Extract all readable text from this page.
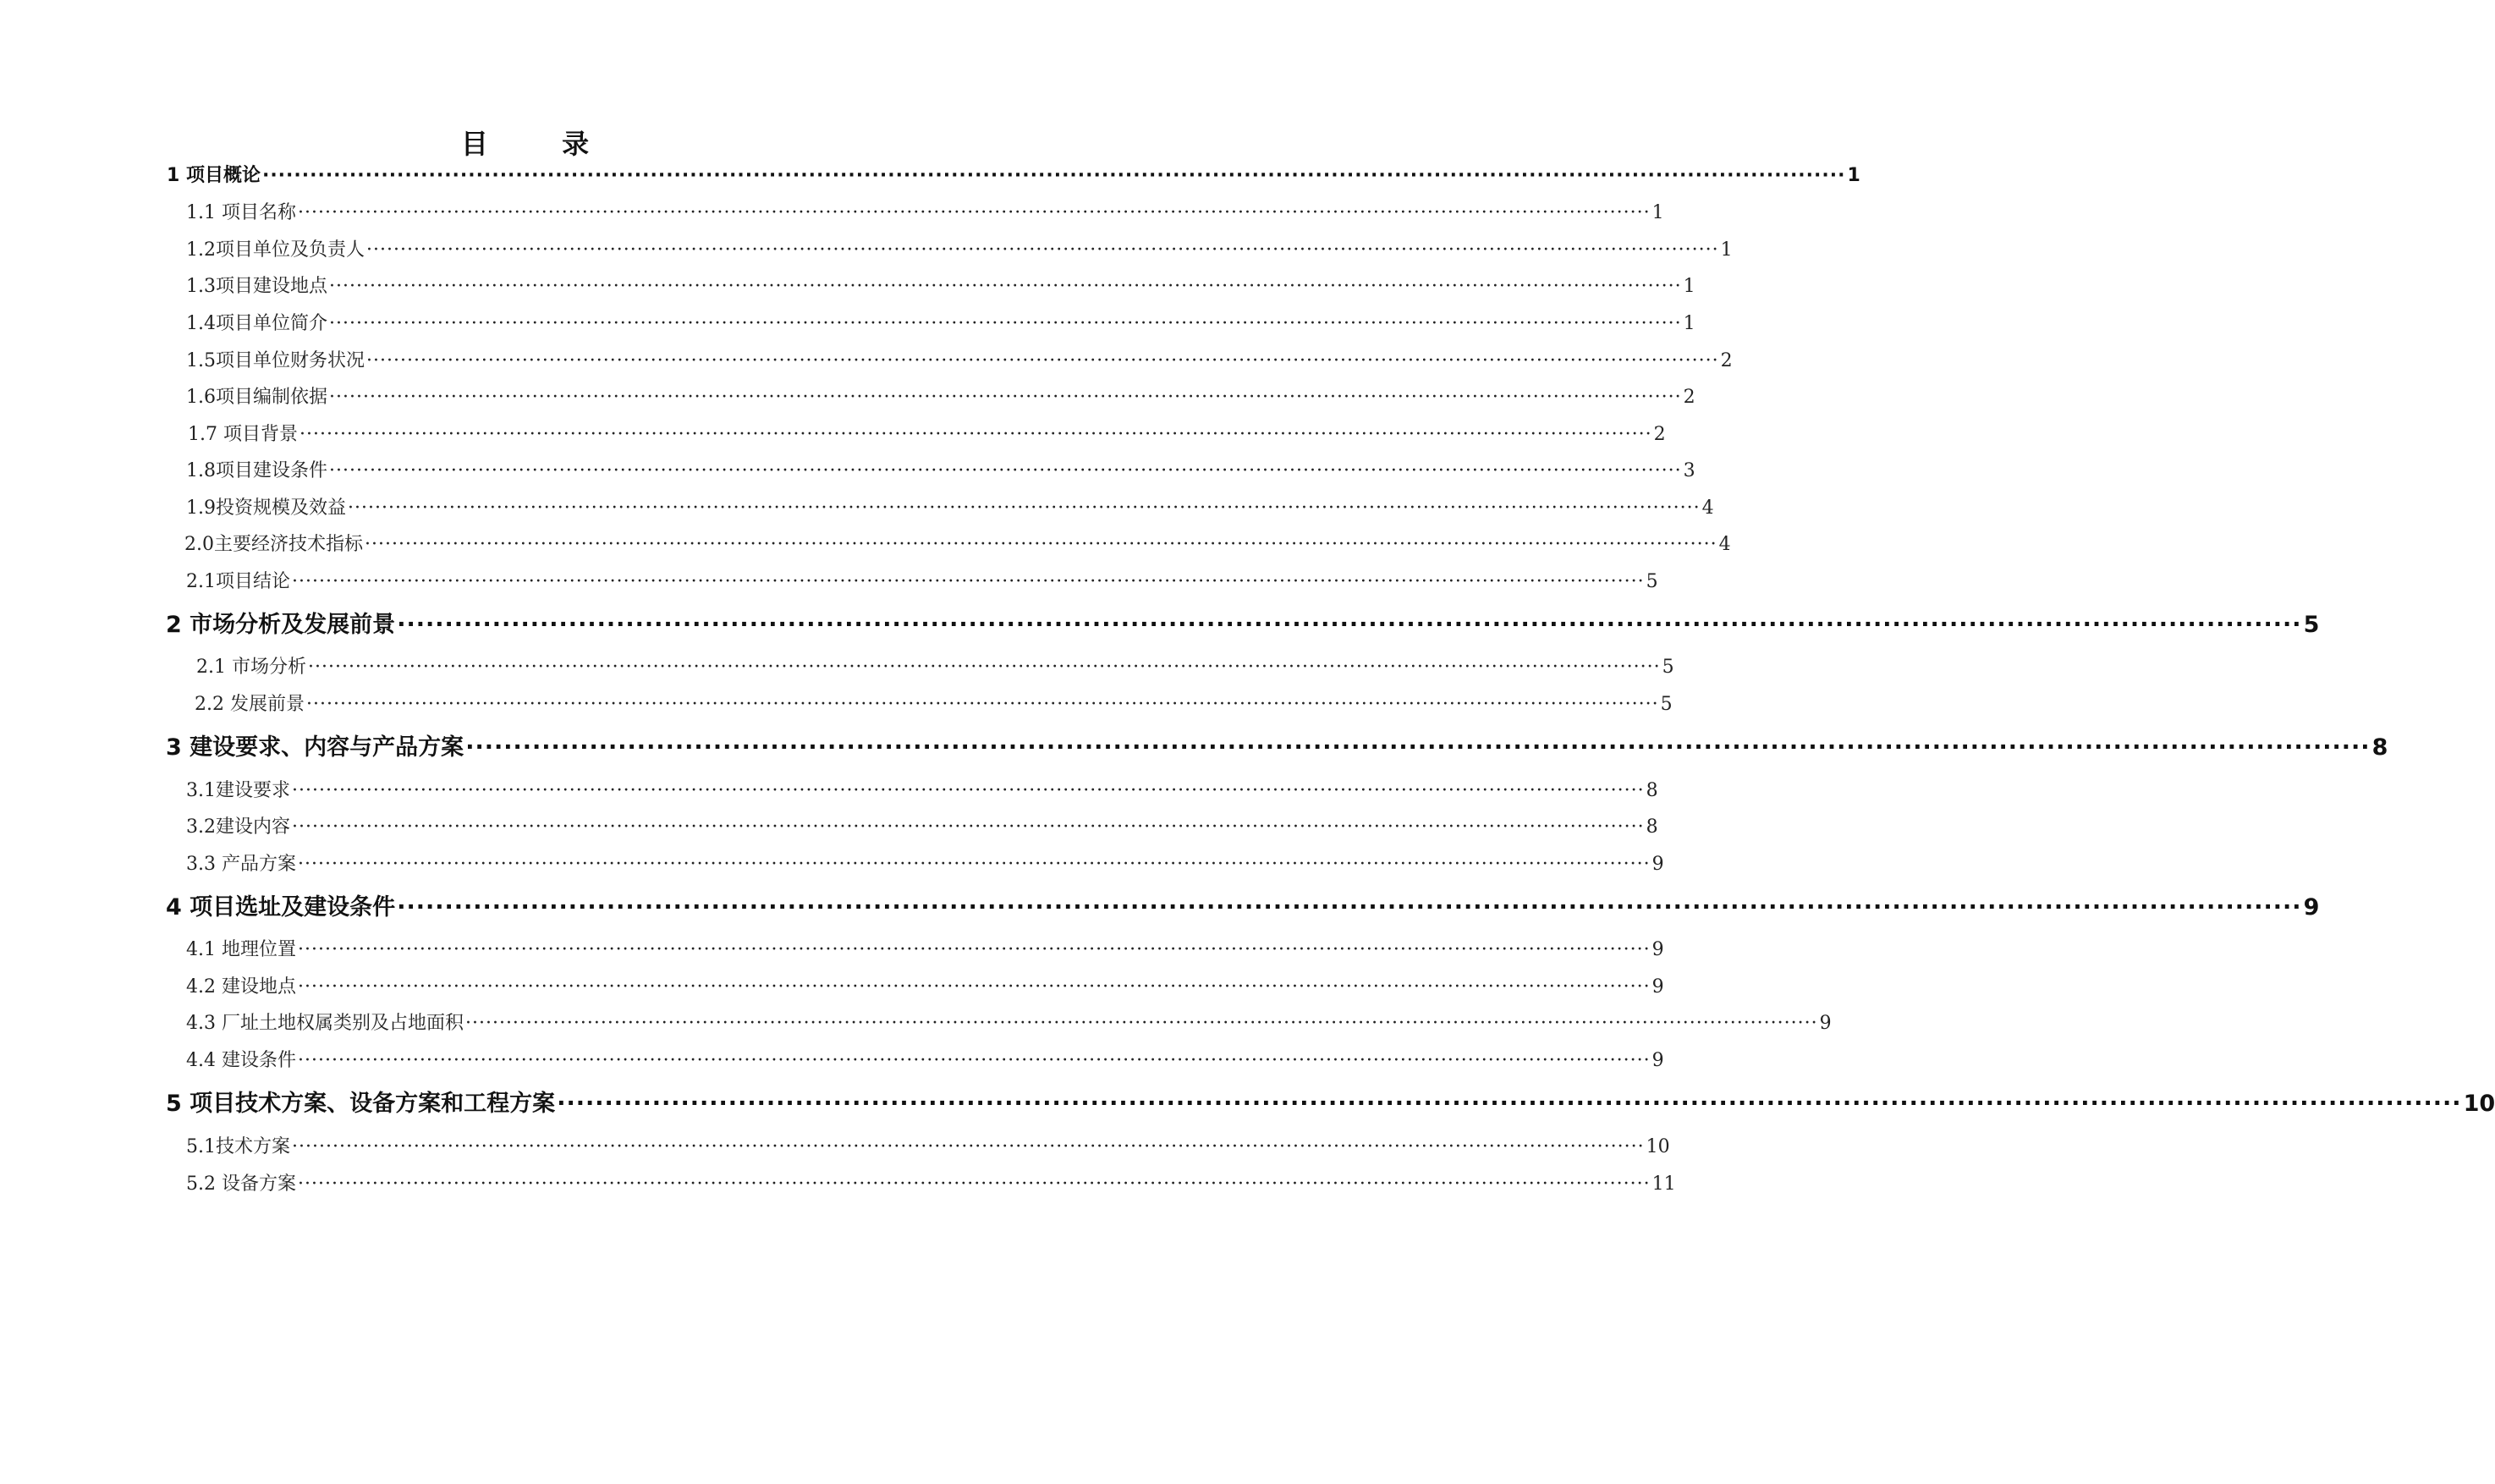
目 录
1 项目概论 ········································································································································································································ 1
1.1 项目名称 ········································································································································································································ 1
1.2项目单位及负责人 ········································································································································································································ 1
1.3项目建设地点 ········································································································································································································ 1
1.4项目单位简介 ········································································································································································································ 1
1.5项目单位财务状况 ········································································································································································································ 2
1.6项目编制依据 ········································································································································································································ 2
1.7 项目背景 ········································································································································································································ 2
1.8项目建设条件 ········································································································································································································ 3
1.9投资规模及效益 ········································································································································································································ 4
2.0主要经济技术指标 ········································································································································································································ 4
2.1项目结论 ········································································································································································································ 5
2 市场分析及发展前景 ········································································································································································································ 5
2.1 市场分析 ········································································································································································································ 5
2.2 发展前景 ········································································································································································································ 5
3 建设要求、内容与产品方案 ········································································································································································································ 8
3.1建设要求 ········································································································································································································ 8
3.2建设内容 ········································································································································································································ 8
3.3 产品方案 ········································································································································································································ 9
4 项目选址及建设条件 ········································································································································································································ 9
4.1 地理位置 ········································································································································································································ 9
4.2 建设地点 ········································································································································································································ 9
4.3 厂址土地权属类别及占地面积 ········································································································································································································ 9
4.4 建设条件 ········································································································································································································ 9
5 项目技术方案、设备方案和工程方案 ········································································································································································································ 10
5.1技术方案 ········································································································································································································ 10
5.2 设备方案 ········································································································································································································ 11
